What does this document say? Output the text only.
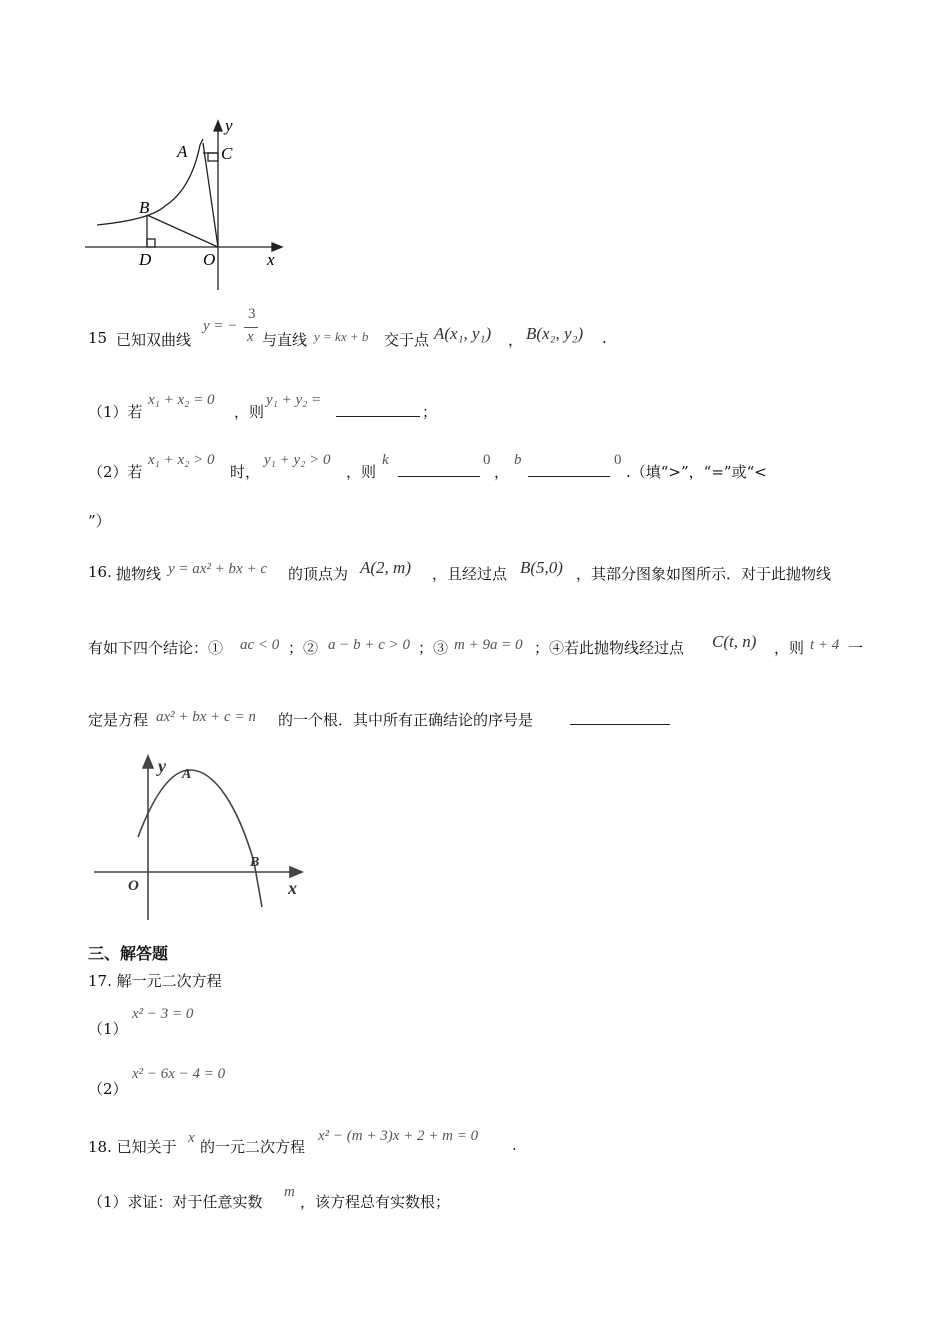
y
A C
B
D	O	x
15 已知双曲线
y = −
3
x 与直线 y = kx + b 交于点 A(x₁, y₁) ， B(x₂, y₂) .
（1）若
x₁ + x₂ = 0
，则
y₁ + y₂ =
；
（2）若
x₁ + x₂ > 0
时，
y₁ + y₂ > 0
，则
k	0
，
b	0
.（填“>”，“=”或“<
”）
16. 抛物线 y = ax² + bx + c 的顶点为 A(2, m) ，且经过点 B(5,0) ，其部分图象如图所示．对于此抛物线
有如下四个结论：① ac < 0 ；② a − b + c > 0 ；③ m + 9a = 0 ；④若此抛物线经过点 C(t, n) ，则 t + 4 一
定是方程 ax² + bx + c = n 的一个根．其中所有正确结论的序号是
y A
B
O	x
三、解答题
17. 解一元二次方程
（1）
x² − 3 = 0
（2）
x² − 6x − 4 = 0
18. 已知关于 x 的一元二次方程
x² − (m + 3)x + 2 + m = 0 .
（1）求证：对于任意实数
m
，该方程总有实数根；
